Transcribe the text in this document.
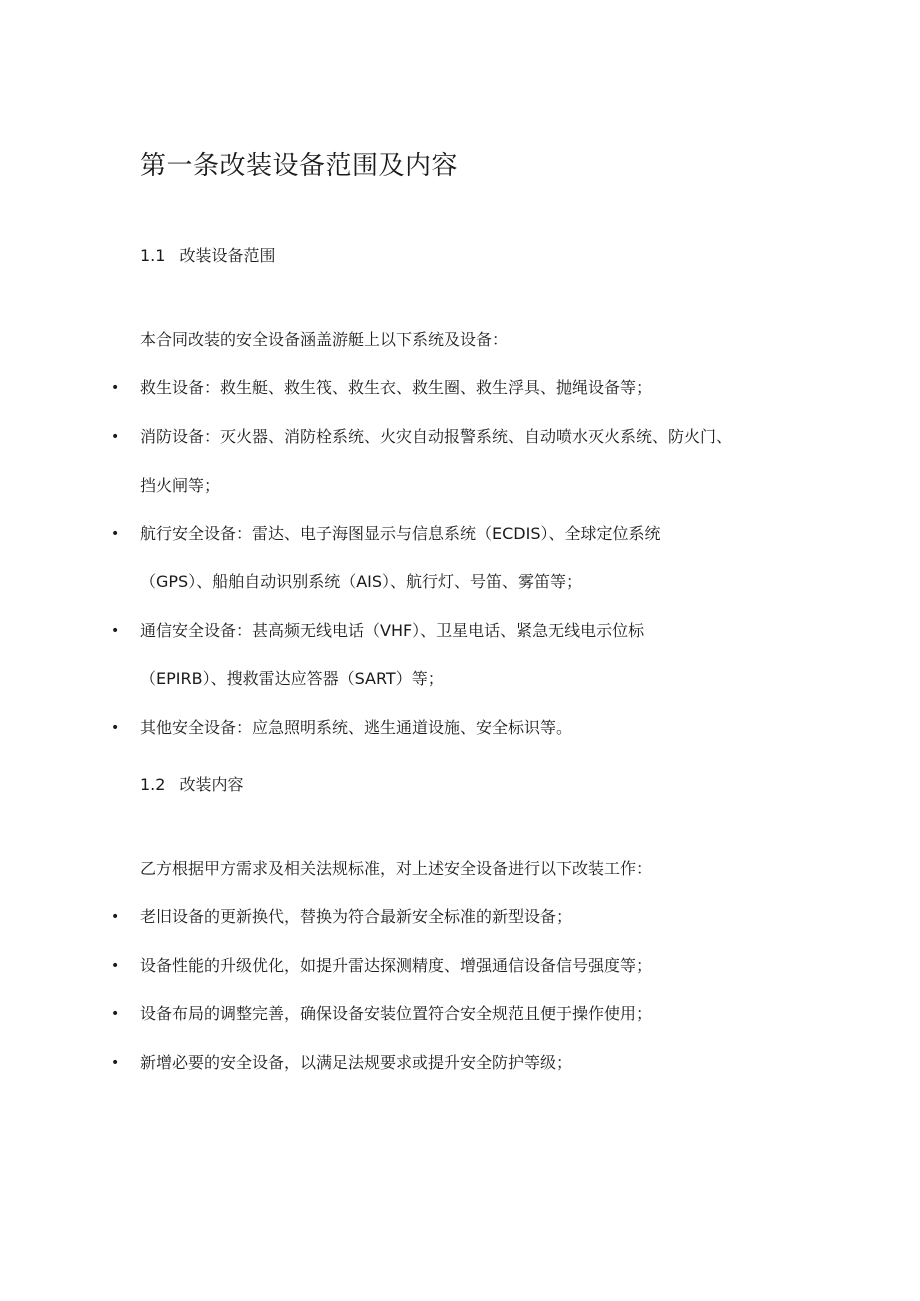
第一条改装设备范围及内容
1.1 改装设备范围
本合同改装的安全设备涵盖游艇上以下系统及设备：
• 救生设备：救生艇、救生筏、救生衣、救生圈、救生浮具、抛绳设备等；
• 消防设备：灭火器、消防栓系统、火灾自动报警系统、自动喷水灭火系统、防火门、
挡火闸等；
• 航行安全设备：雷达、电子海图显示与信息系统（ECDIS）、全球定位系统
（GPS）、船舶自动识别系统（AIS）、航行灯、号笛、雾笛等；
• 通信安全设备：甚高频无线电话（VHF）、卫星电话、紧急无线电示位标
（EPIRB）、搜救雷达应答器（SART）等；
• 其他安全设备：应急照明系统、逃生通道设施、安全标识等。
1.2 改装内容
乙方根据甲方需求及相关法规标准，对上述安全设备进行以下改装工作：
• 老旧设备的更新换代，替换为符合最新安全标准的新型设备；
• 设备性能的升级优化，如提升雷达探测精度、增强通信设备信号强度等；
• 设备布局的调整完善，确保设备安装位置符合安全规范且便于操作使用；
• 新增必要的安全设备，以满足法规要求或提升安全防护等级；
